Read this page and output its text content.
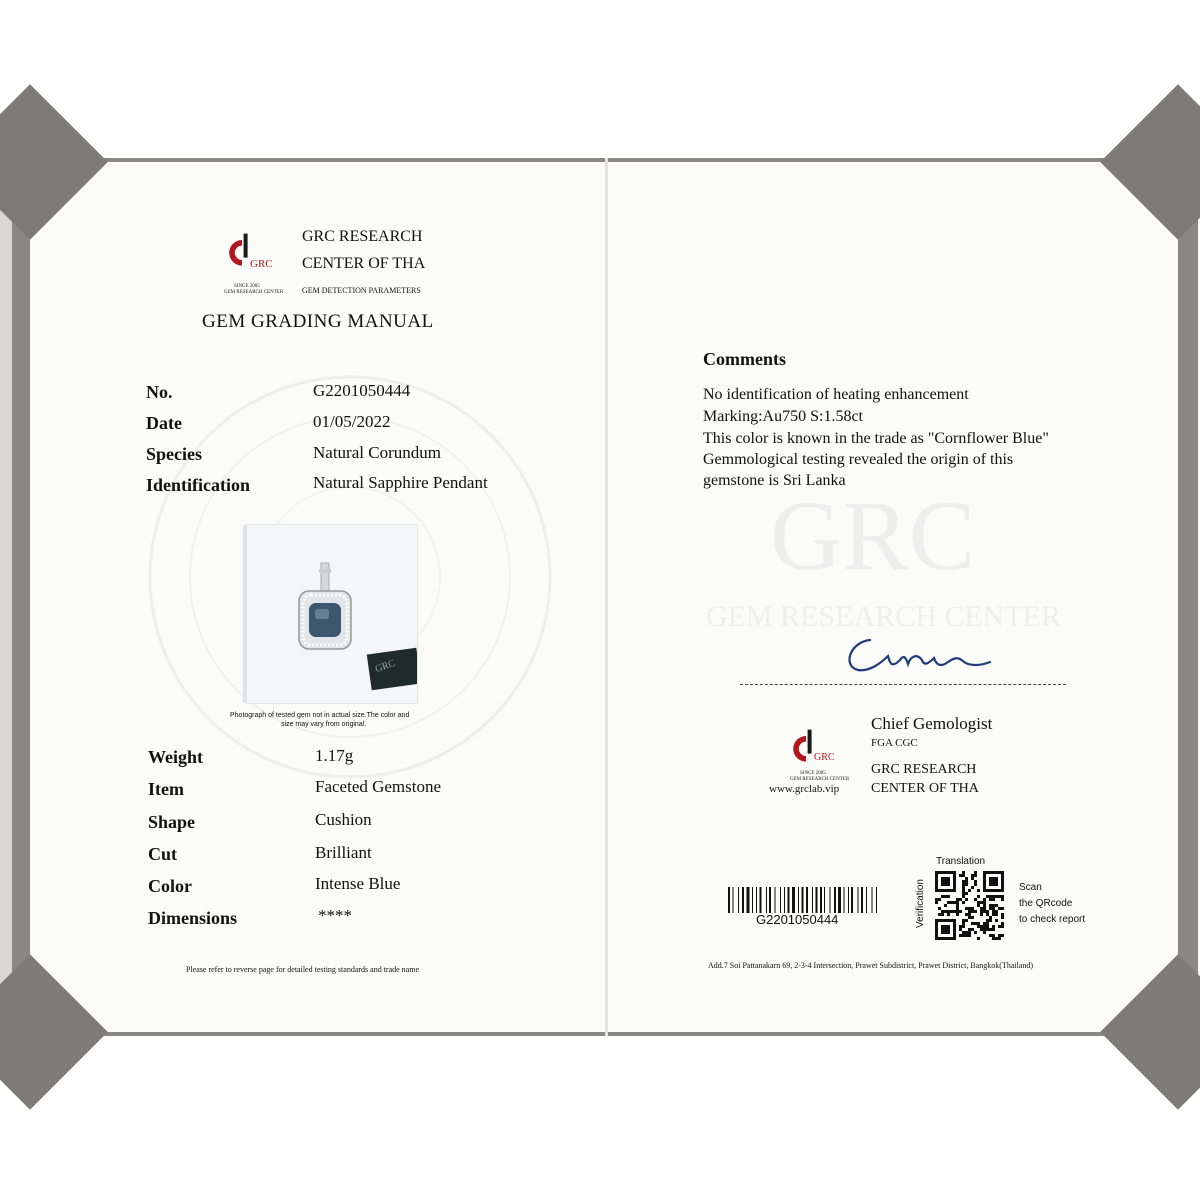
GRC
SINCE 2005
GEM RESEARCH CENTER
GRC RESEARCH
CENTER OF THA
GEM DETECTION PARAMETERS
GEM GRADING MANUAL
No.	G2201050444
Date	01/05/2022
Species	Natural Corundum
Identification	Natural Sapphire Pendant
GRC
Photograph of tested gem not in actual size.The color and
size may vary from original.
Weight	1.17g
Item	Faceted Gemstone
Shape	Cushion
Cut	Brilliant
Color	Intense Blue
Dimensions	****
Please refer to reverse page for detailed testing standards and trade name
Comments
No identification of heating enhancement
Marking:Au750 S:1.58ct
This color is known in the trade as "Cornflower Blue"
Gemmological testing revealed the origin of this
gemstone is Sri Lanka
GRC
GEM RESEARCH CENTER
GRC
SINCE 2005
GEM RESEARCH CENTER
www.grclab.vip
Chief Gemologist
FGA CGC
GRC RESEARCH
CENTER OF THA
G2201050444
Translation
Verification	Scan
the QRcode
to check report
Add.7 Soi Pattanakarn 69, 2-3-4 Intersection, Prawet Subdistrict, Prawet District, Bangkok(Thailand)
